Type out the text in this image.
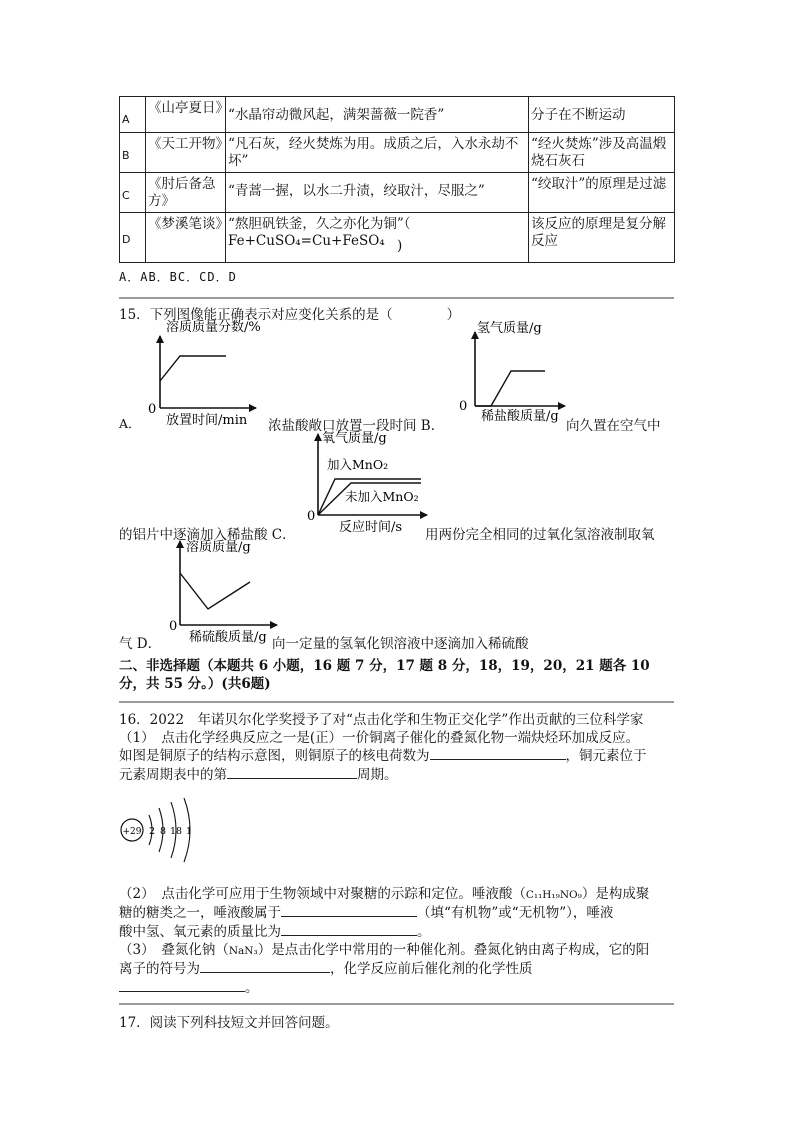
A	《山亭夏日》	“水晶帘动微风起，满架蔷薇一院香”	分子在不断运动
B	《天工开物》	“凡石灰，经火焚炼为用。成质之后，入水永劫不坏”	“经火焚炼”涉及高温煅烧石灰石
C	《肘后备急方》	“青蒿一握，以水二升渍，绞取汁，尽服之”	“绞取汁”的原理是过滤
D	《梦溪笔谈》	“熬胆矾铁釜，久之亦化为铜”（
Fe+CuSO₄=Cu+FeSO₄ )	该反应的原理是复分解反应
A．AB．BC．CD．D
15．下列图像能正确表示对应变化关系的是（　　　　）
溶质质量分数/%
0
放置时间/min
氢气质量/g
0
稀盐酸质量/g
A．	浓盐酸敞口放置一段时间 B．	向久置在空气中
氧气质量/g
加入MnO₂
未加入MnO₂
0
反应时间/s
的铝片中逐滴加入稀盐酸 C．	用两份完全相同的过氧化氢溶液制取氧
溶质质量/g
0
稀硫酸质量/g
气 D．	向一定量的氢氧化钡溶液中逐滴加入稀硫酸
二、非选择题（本题共 6 小题，16 题 7 分，17 题 8 分，18，19，20，21 题各 10
分，共 55 分。）(共6题)
16．2022　年诺贝尔化学奖授予了对“点击化学和生物正交化学”作出贡献的三位科学家
（1）　点击化学经典反应之一是(正）一价铜离子催化的叠氮化物一端炔烃环加成反应。
如图是铜原子的结构示意图，则铜原子的核电荷数为	，铜元素位于
元素周期表中的第	周期。
+29 2 8 18 1
（2）　点击化学可应用于生物领域中对聚糖的示踪和定位。唾液酸（C₁₁H₁₉NO₉）是构成聚
糖的糖类之一，唾液酸属于	（填“有机物”或“无机物”），唾液
酸中氢、氧元素的质量比为	。
（3）　叠氮化钠（NaN₃）是点击化学中常用的一种催化剂。叠氮化钠由离子构成，它的阳
离子的符号为	，化学反应前后催化剂的化学性质
。
17．阅读下列科技短文并回答问题。
